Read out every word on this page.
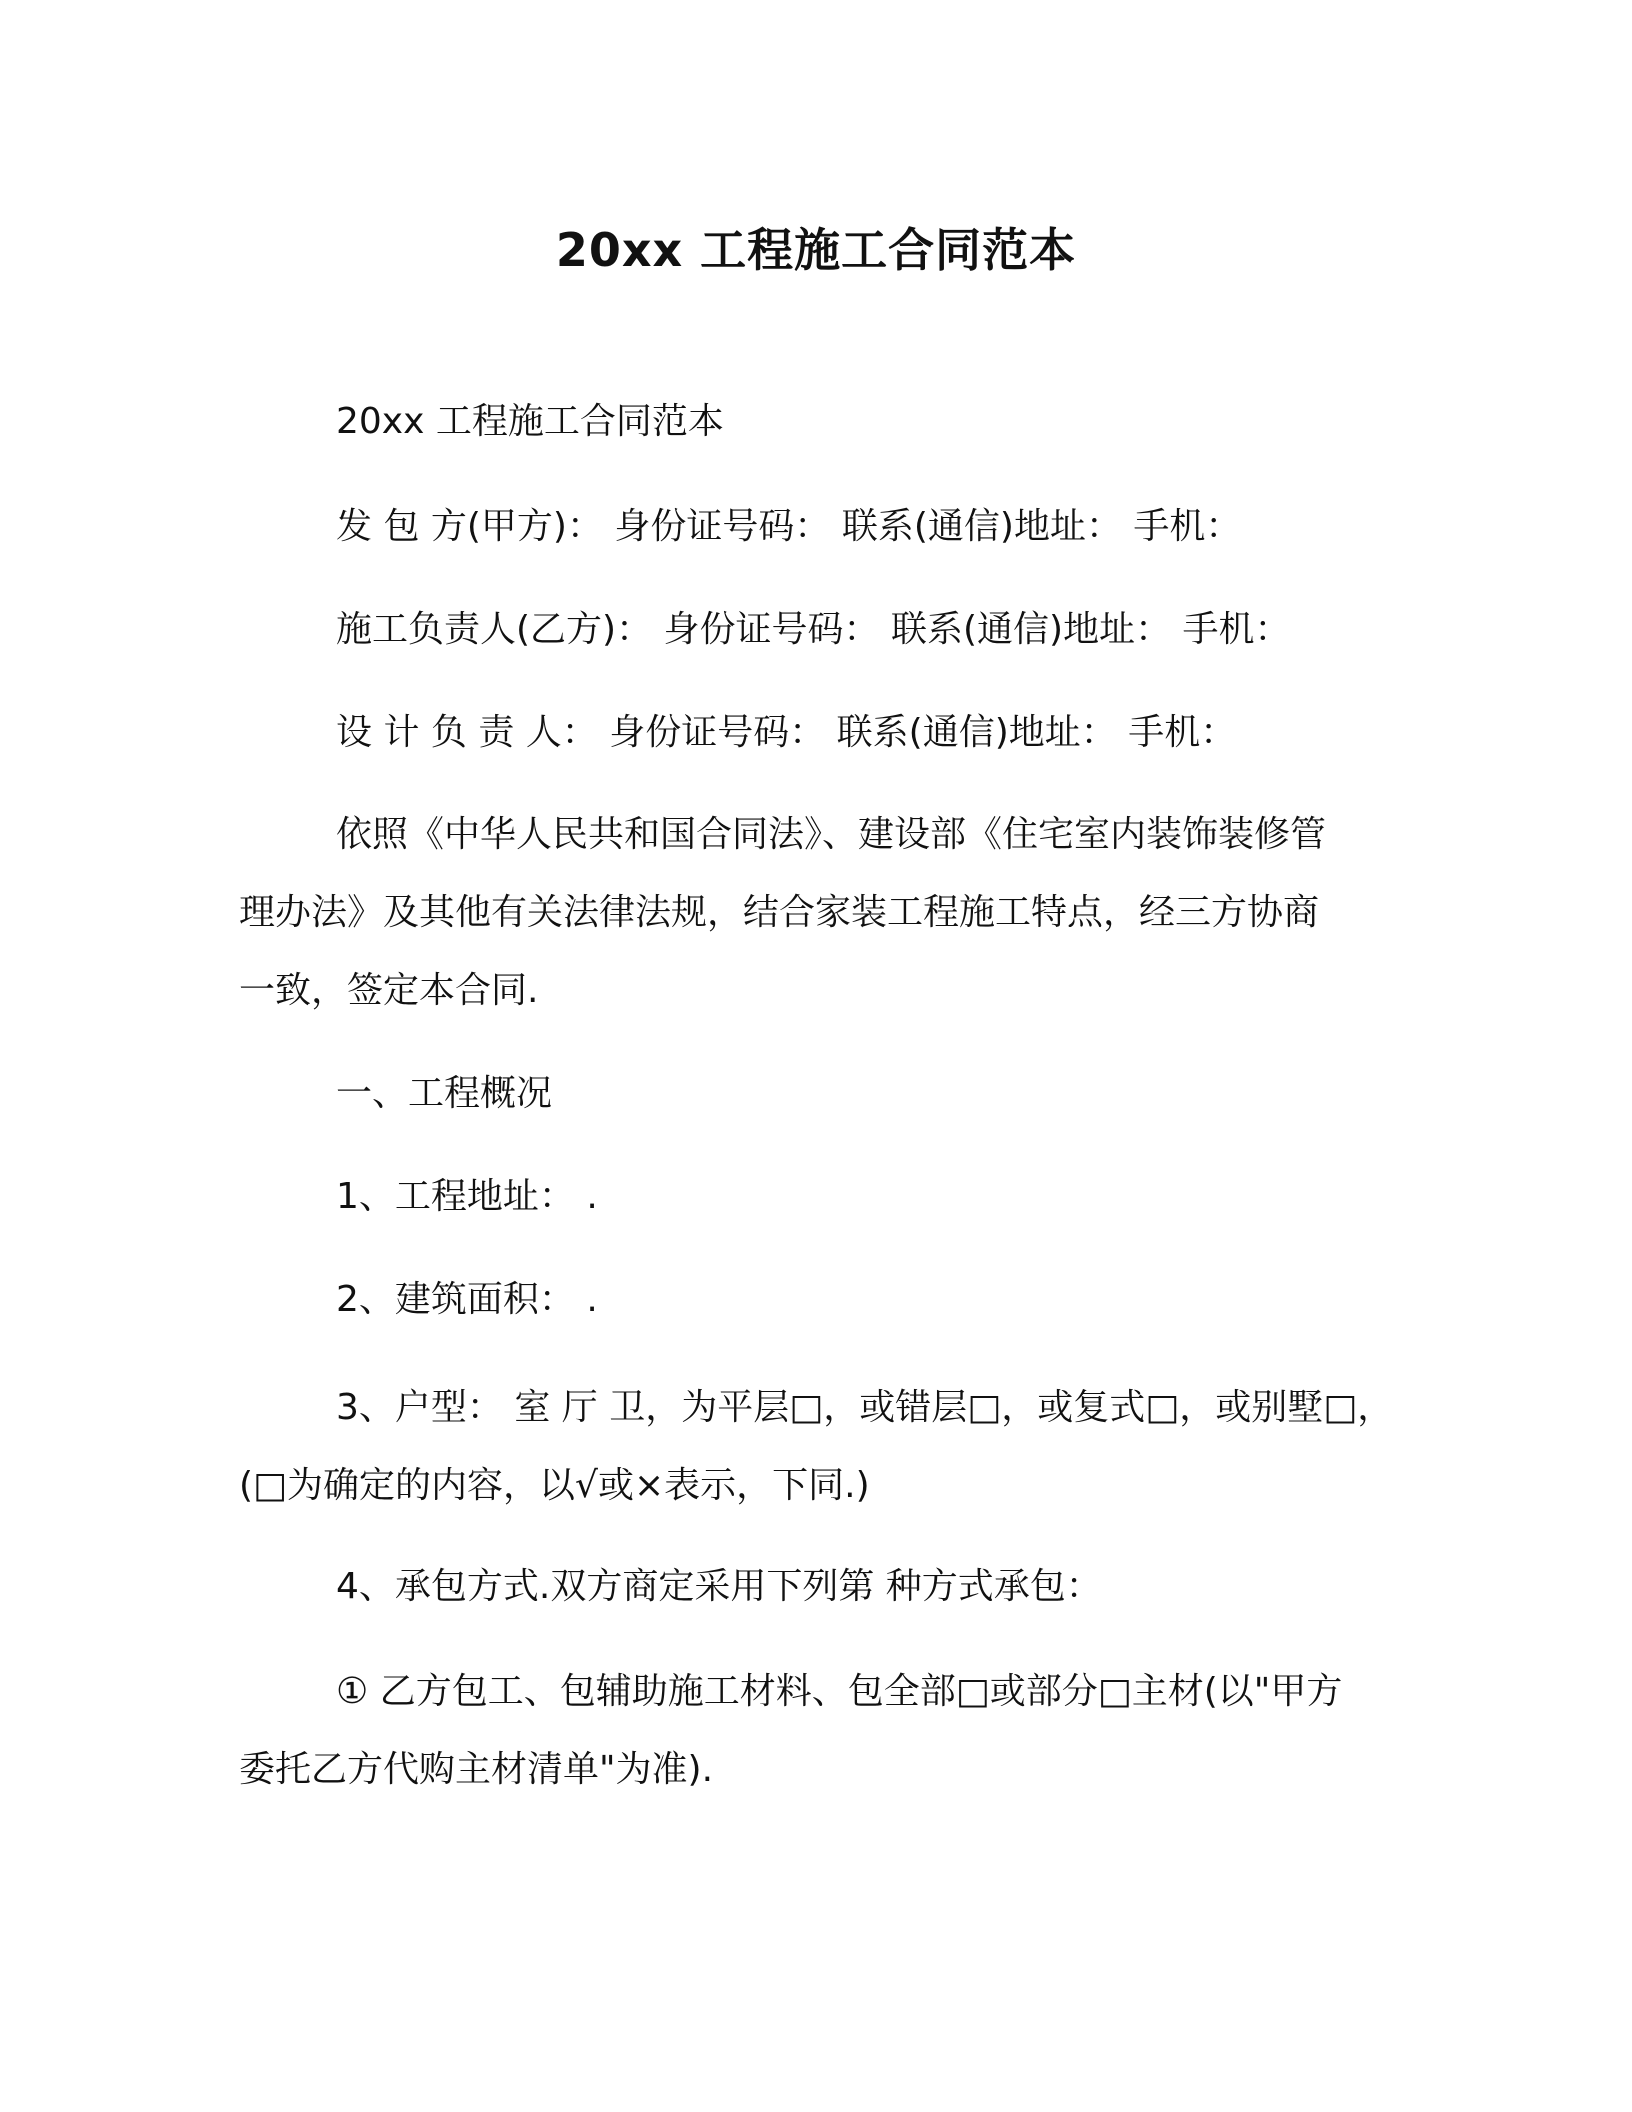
20xx 工程施工合同范本
20xx 工程施工合同范本
发 包 方(甲方)： 身份证号码： 联系(通信)地址： 手机：
施工负责人(乙方)： 身份证号码： 联系(通信)地址： 手机：
设 计 负 责 人： 身份证号码： 联系(通信)地址： 手机：
依照《中华人民共和国合同法》、建设部《住宅室内装饰装修管
理办法》及其他有关法律法规，结合家装工程施工特点，经三方协商
一致，签定本合同.
一、工程概况
1、工程地址： .
2、建筑面积： .
3、户型： 室 厅 卫，为平层□，或错层□，或复式□，或别墅□，
(□为确定的内容，以√或×表示，下同.)
4、承包方式.双方商定采用下列第 种方式承包：
① 乙方包工、包辅助施工材料、包全部□或部分□主材(以"甲方
委托乙方代购主材清单"为准).
